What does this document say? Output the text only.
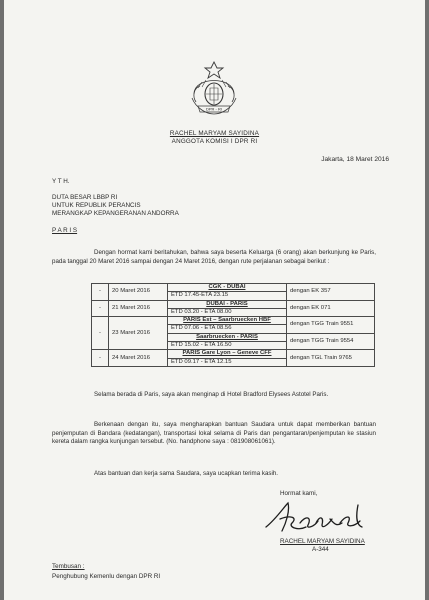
DPR - RI
RACHEL MARYAM SAYIDINA
ANGGOTA KOMISI I DPR RI
Jakarta, 18 Maret 2016
Y T H.
DUTA BESAR LBBP RI
UNTUK REPUBLIK PERANCIS
MERANGKAP KEPANGERANAN ANDORRA
P A R I S
Dengan hormat kami beritahukan, bahwa saya beserta Keluarga (6 orang) akan berkunjung ke Paris, pada tanggal 20 Maret 2016 sampai dengan 24 Maret 2016, dengan rute perjalanan sebagai berikut :
-	20 Maret 2016	CGK - DUBAI	dengan EK 357
		ETD 17.45-ETA 23.15	
-	21 Maret 2016	DUBAI - PARIS	dengan EK 071
		ETD 03.20 - ETA 08.00	
-	23 Maret 2016	PARIS Est – Saarbruecken HBF	dengan TGG Train 9551
		ETD 07.06 - ETA 08.56	
		Saarbruecken - PARIS	dengan TGG Train 9554
		ETD 15.02 - ETA 16.50	
-	24 Maret 2016	PARIS Gare Lyon – Geneve CFF	dengan TGL Train 9765
		ETD 09.17 - ETA 12.15	
Selama berada di Paris, saya akan menginap di Hotel Bradford Elysees Astotel Paris.
Berkenaan dengan itu, saya mengharapkan bantuan Saudara untuk dapat memberikan bantuan penjemputan di Bandara (kedatangan), transportasi lokal selama di Paris dan pengantaran/penjemputan ke stasiun kereta dalam rangka kunjungan tersebut. (No. handphone saya : 081908061061).
Atas bantuan dan kerja sama Saudara, saya ucapkan terima kasih.
Hormat kami,
RACHEL MARYAM SAYIDINA
A-344
Tembusan :
Penghubung Kemenlu dengan DPR RI
